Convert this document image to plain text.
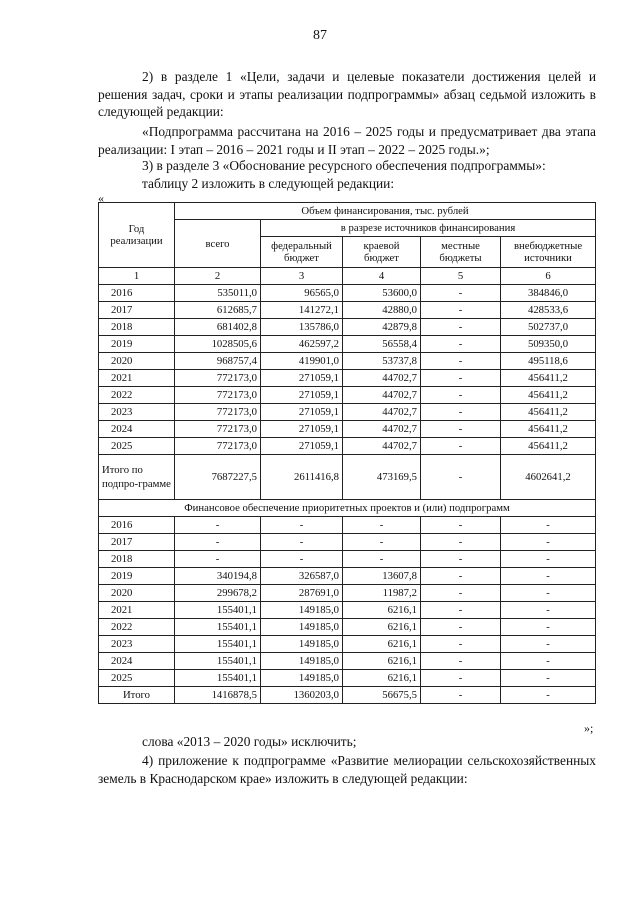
87

2) в разделе 1 «Цели, задачи и целевые показатели достижения целей и решения задач, сроки и этапы реализации подпрограммы» абзац седьмой изложить в следующей редакции:

«Подпрограмма рассчитана на 2016 – 2025 годы и предусматривает два этапа реализации: I этап – 2016 – 2021 годы и II этап – 2022 – 2025 годы.»;

3) в разделе 3 «Обоснование ресурсного обеспечения подпрограммы»:

таблицу 2 изложить в следующей редакции:

«
Год реализации	Объем финансирования, тыс. рублей				
	всего	в разрезе источников финансирования			
		федеральный бюджет	краевой бюджет	местные бюджеты	внебюджетные источники
1	2	3	4	5	6
2016	535011,0	96565,0	53600,0	-	384846,0
2017	612685,7	141272,1	42880,0	-	428533,6
2018	681402,8	135786,0	42879,8	-	502737,0
2019	1028505,6	462597,2	56558,4	-	509350,0
2020	968757,4	419901,0	53737,8	-	495118,6
2021	772173,0	271059,1	44702,7	-	456411,2
2022	772173,0	271059,1	44702,7	-	456411,2
2023	772173,0	271059,1	44702,7	-	456411,2
2024	772173,0	271059,1	44702,7	-	456411,2
2025	772173,0	271059,1	44702,7	-	456411,2
Итого по подпро-грамме	7687227,5	2611416,8	473169,5	-	4602641,2
Финансовое обеспечение приоритетных проектов и (или) подпрограмм					
2016	-	-	-	-	-
2017	-	-	-	-	-
2018	-	-	-	-	-
2019	340194,8	326587,0	13607,8	-	-
2020	299678,2	287691,0	11987,2	-	-
2021	155401,1	149185,0	6216,1	-	-
2022	155401,1	149185,0	6216,1	-	-
2023	155401,1	149185,0	6216,1	-	-
2024	155401,1	149185,0	6216,1	-	-
2025	155401,1	149185,0	6216,1	-	-
Итого	1416878,5	1360203,0	56675,5	-	-
»;

слова «2013 – 2020 годы» исключить;

4) приложение к подпрограмме «Развитие мелиорации сельскохозяйственных земель в Краснодарском крае» изложить в следующей редакции:
